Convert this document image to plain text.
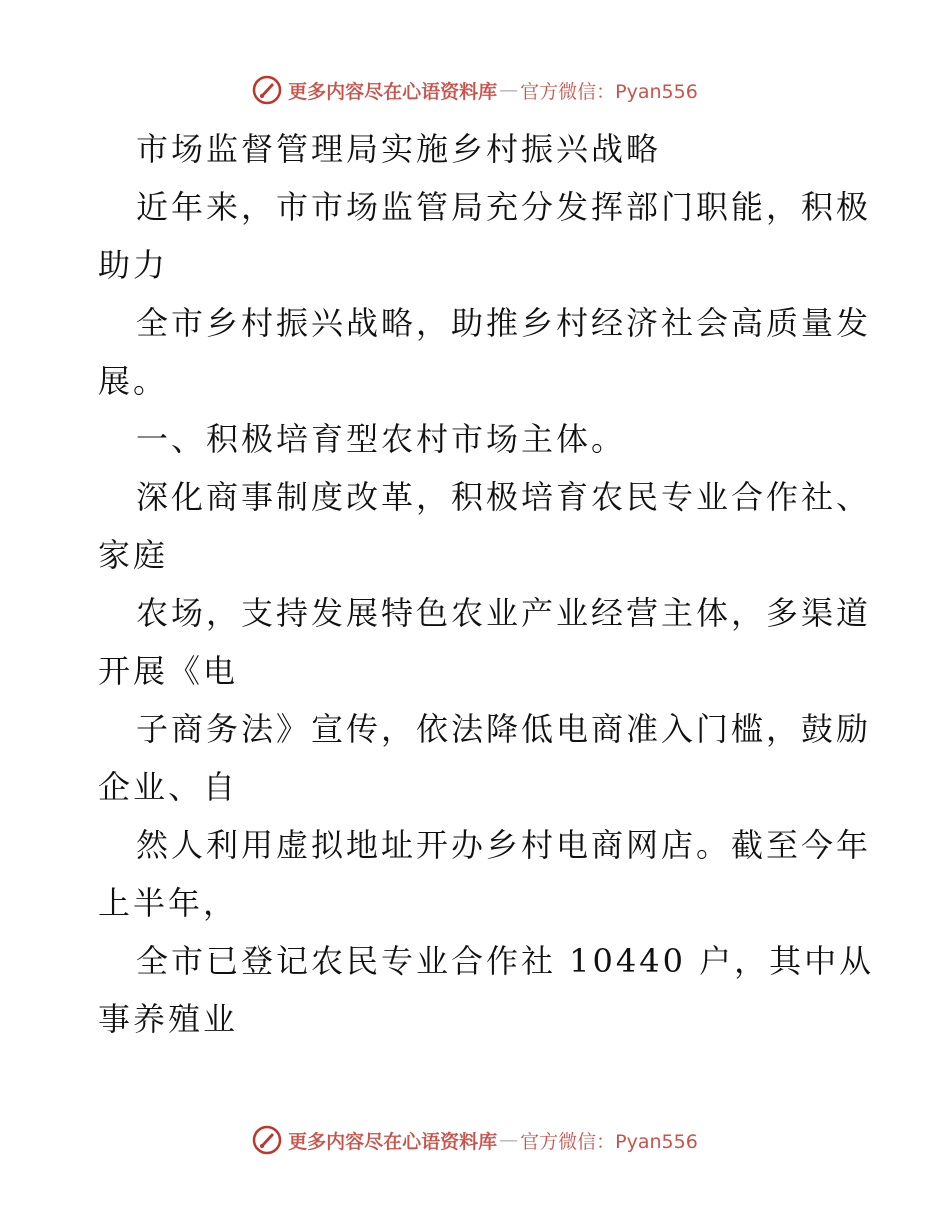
更多内容尽在心语资料库 — 官方微信：Pyan556
市场监督管理局实施乡村振兴战略
近年来，市市场监管局充分发挥部门职能，积极
助力
全市乡村振兴战略，助推乡村经济社会高质量发
展。
一、积极培育型农村市场主体。
深化商事制度改革，积极培育农民专业合作社、
家庭
农场，支持发展特色农业产业经营主体，多渠道
开展《电
子商务法》宣传，依法降低电商准入门槛，鼓励
企业、自
然人利用虚拟地址开办乡村电商网店。截至今年
上半年，
全市已登记农民专业合作社 10440 户，其中从
事养殖业
更多内容尽在心语资料库 — 官方微信：Pyan556
